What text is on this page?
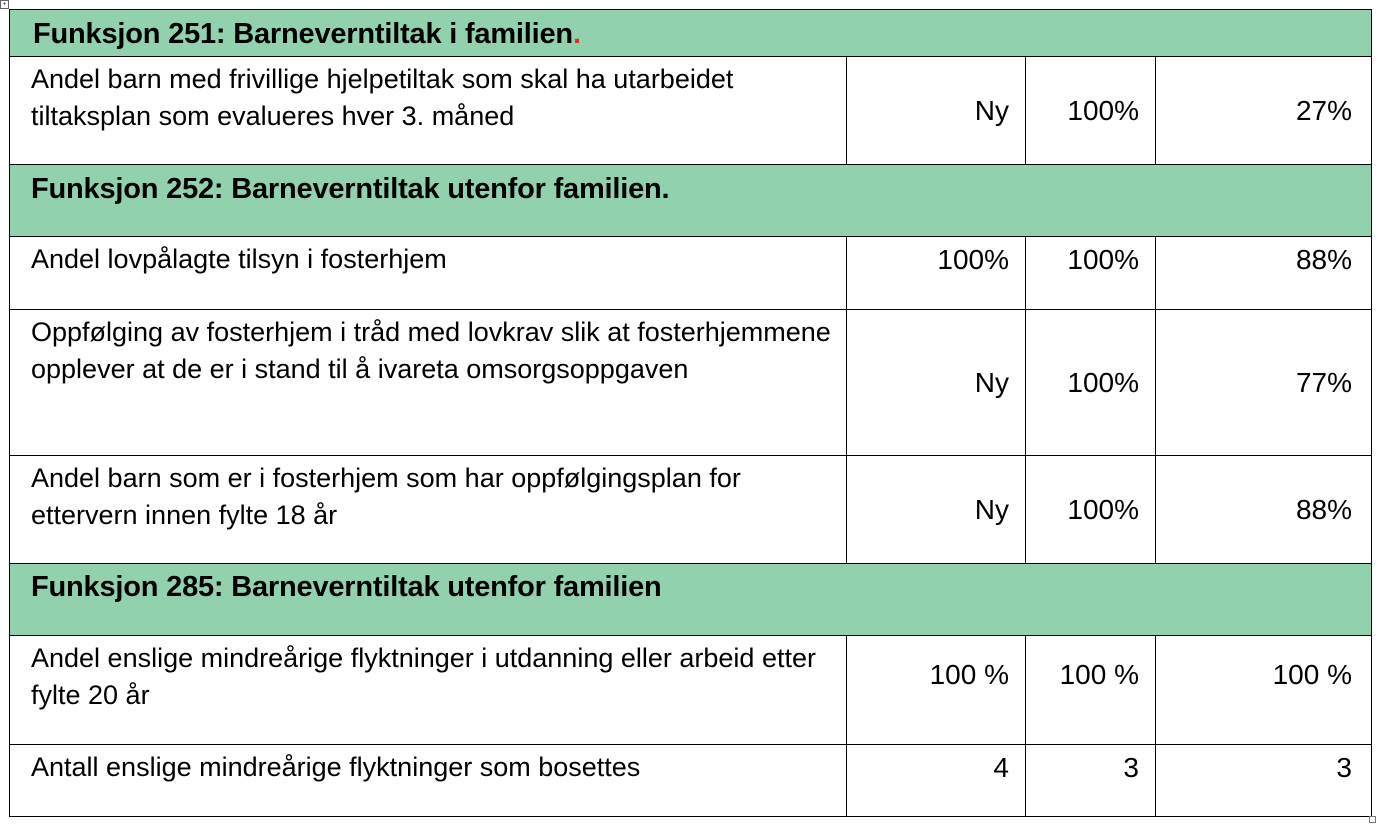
+
Funksjon 251: Barneverntiltak i familien.			
Andel barn med frivillige hjelpetiltak som skal ha utarbeidet tiltaksplan som evalueres hver 3. måned	Ny	100%	27%
Funksjon 252: Barneverntiltak utenfor familien.			
Andel lovpålagte tilsyn i fosterhjem	100%	100%	88%
Oppfølging av fosterhjem i tråd med lovkrav slik at fosterhjemmene opplever at de er i stand til å ivareta omsorgsoppgaven	Ny	100%	77%
Andel barn som er i fosterhjem som har oppfølgingsplan for ettervern innen fylte 18 år	Ny	100%	88%
Funksjon 285: Barneverntiltak utenfor familien			
Andel enslige mindreårige flyktninger i utdanning eller arbeid etter fylte 20 år	100 %	100 %	100 %
Antall enslige mindreårige flyktninger som bosettes	4	3	3
